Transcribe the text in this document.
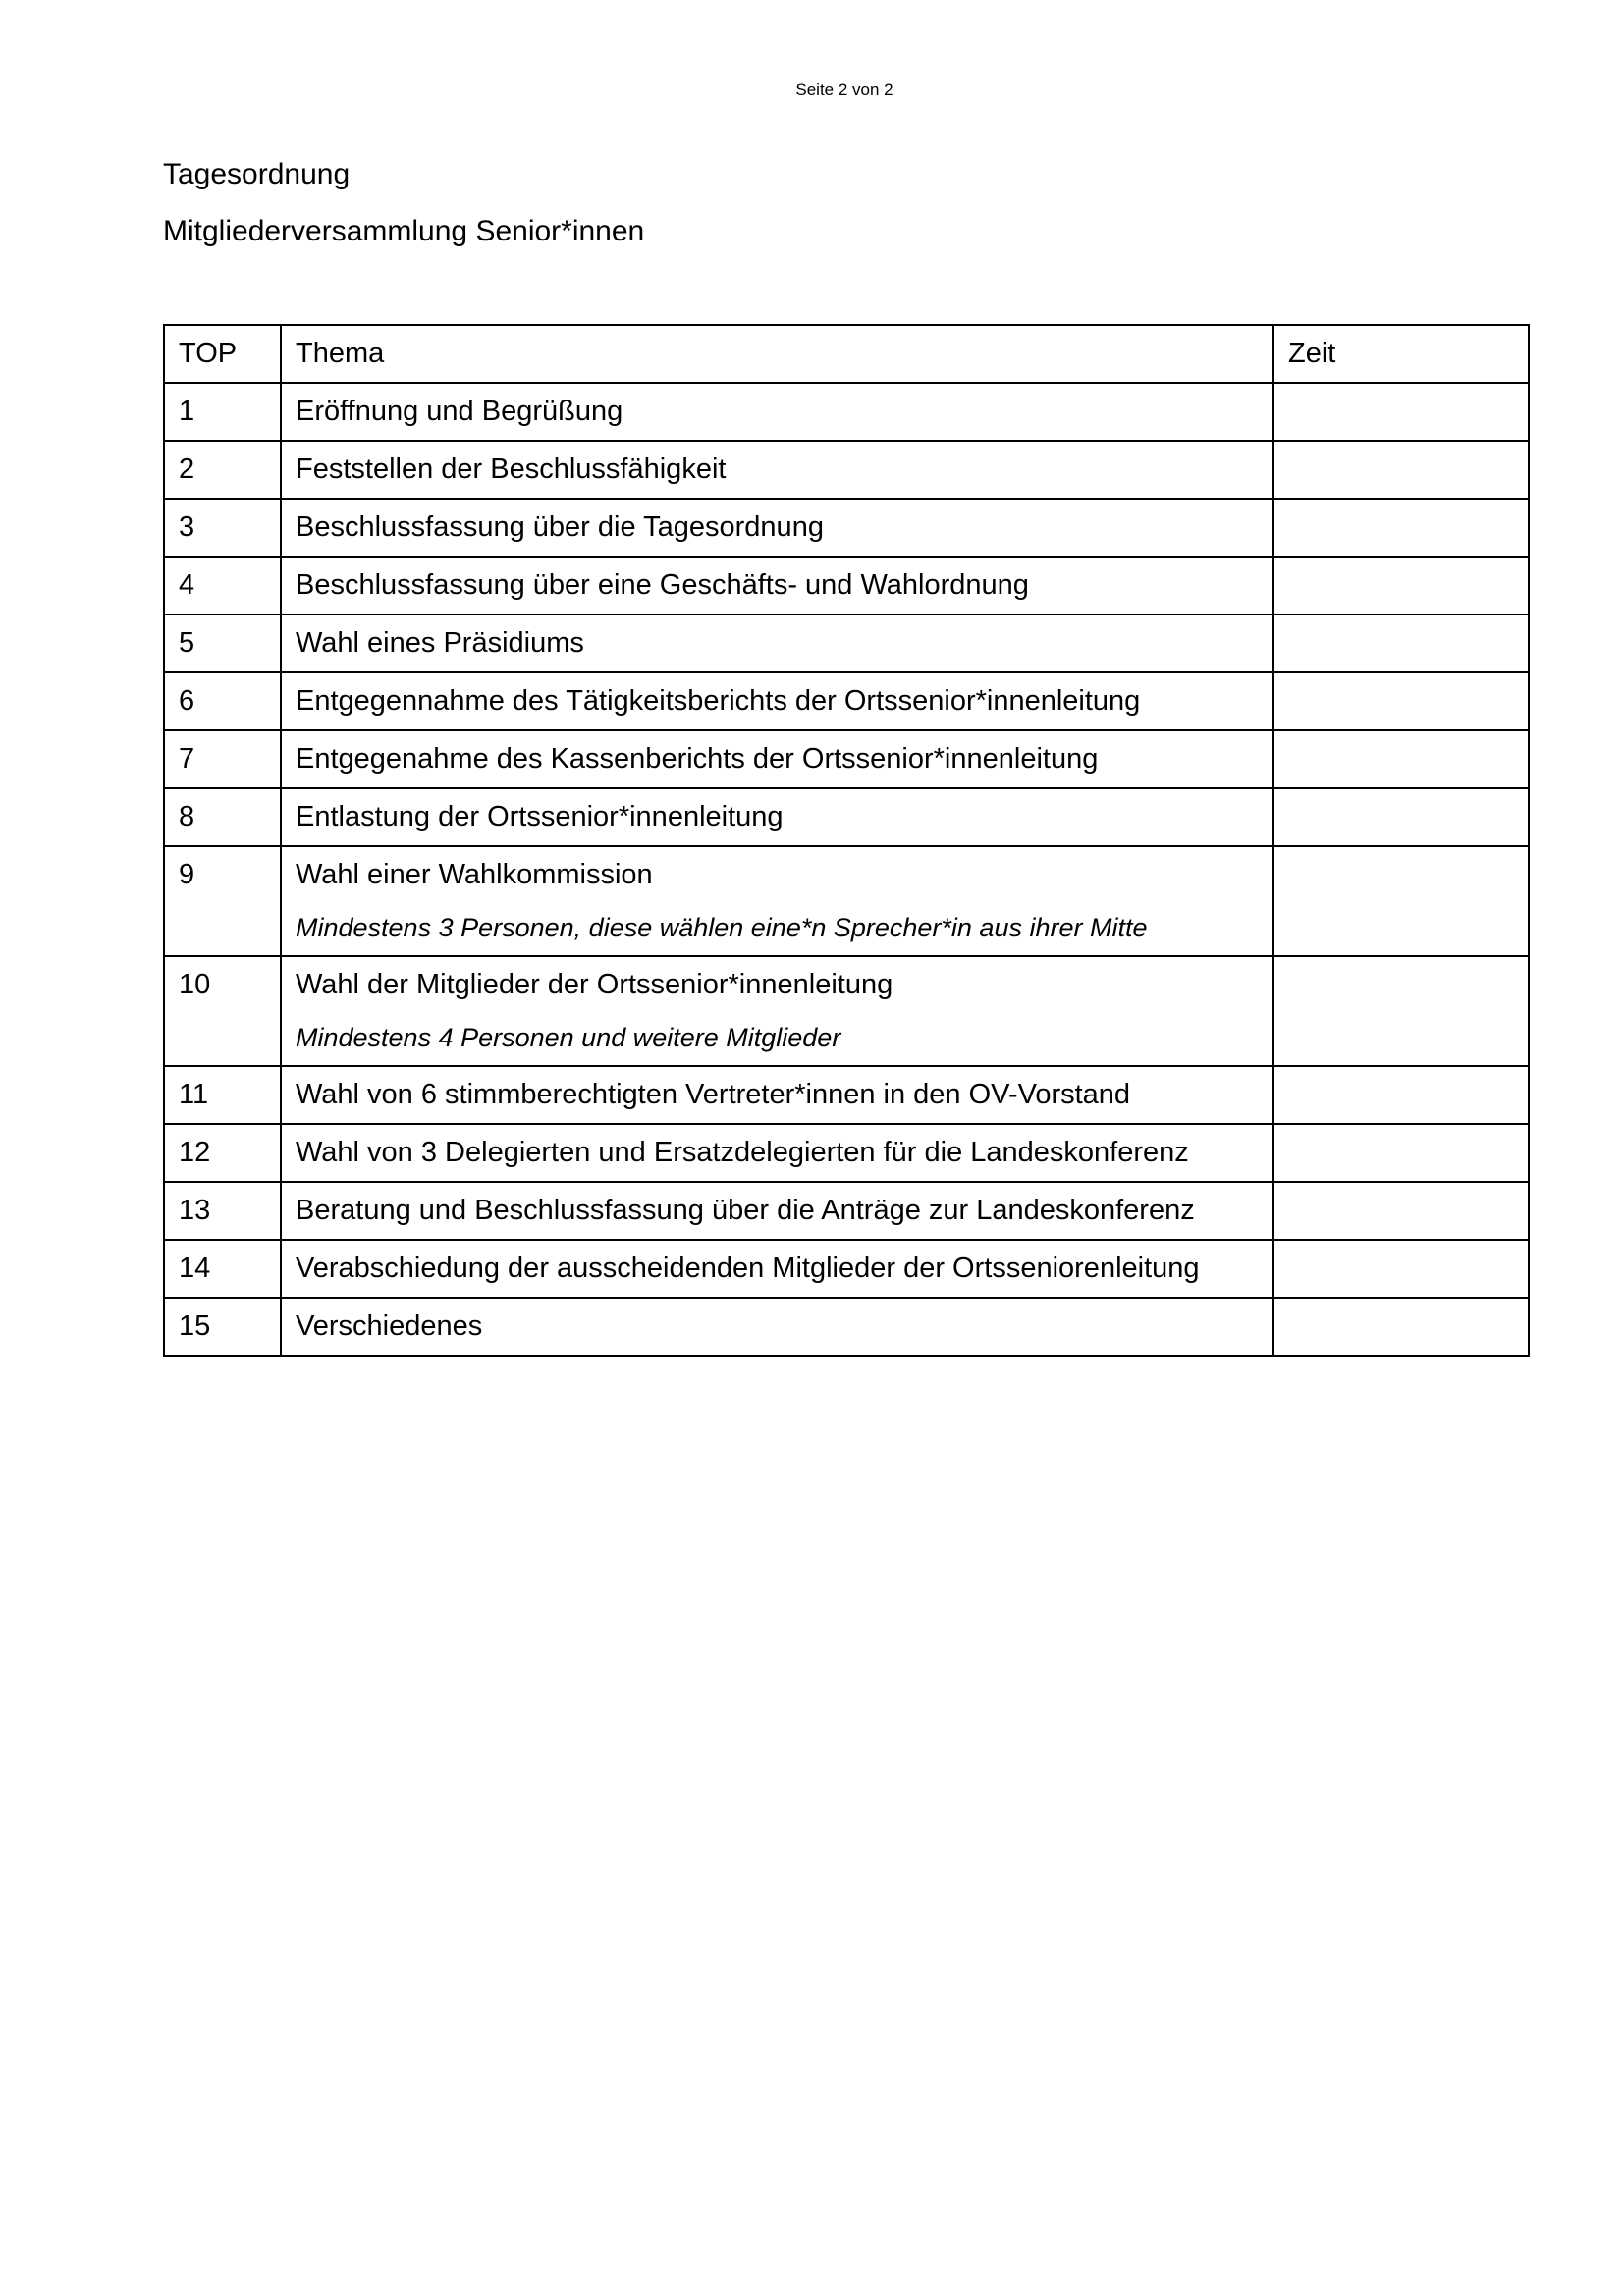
Seite 2 von 2
Tagesordnung
Mitgliederversammlung Senior*innen
TOP	Thema	Zeit
1	Eröffnung und Begrüßung	
2	Feststellen der Beschlussfähigkeit	
3	Beschlussfassung über die Tagesordnung	
4	Beschlussfassung über eine Geschäfts- und Wahlordnung	
5	Wahl eines Präsidiums	
6	Entgegennahme des Tätigkeitsberichts der Ortssenior*innenleitung	
7	Entgegenahme des Kassenberichts der Ortssenior*innenleitung	
8	Entlastung der Ortssenior*innenleitung	
9	Wahl einer Wahlkommission
Mindestens 3 Personen, diese wählen eine*n Sprecher*in aus ihrer Mitte	

10	Wahl der Mitglieder der Ortssenior*innenleitung
Mindestens 4 Personen und weitere Mitglieder	

11	Wahl von 6 stimmberechtigten Vertreter*innen in den OV-Vorstand	
12	Wahl von 3 Delegierten und Ersatzdelegierten für die Landeskonferenz	
13	Beratung und Beschlussfassung über die Anträge zur Landeskonferenz	
14	Verabschiedung der ausscheidenden Mitglieder der Ortsseniorenleitung	
15	Verschiedenes	
